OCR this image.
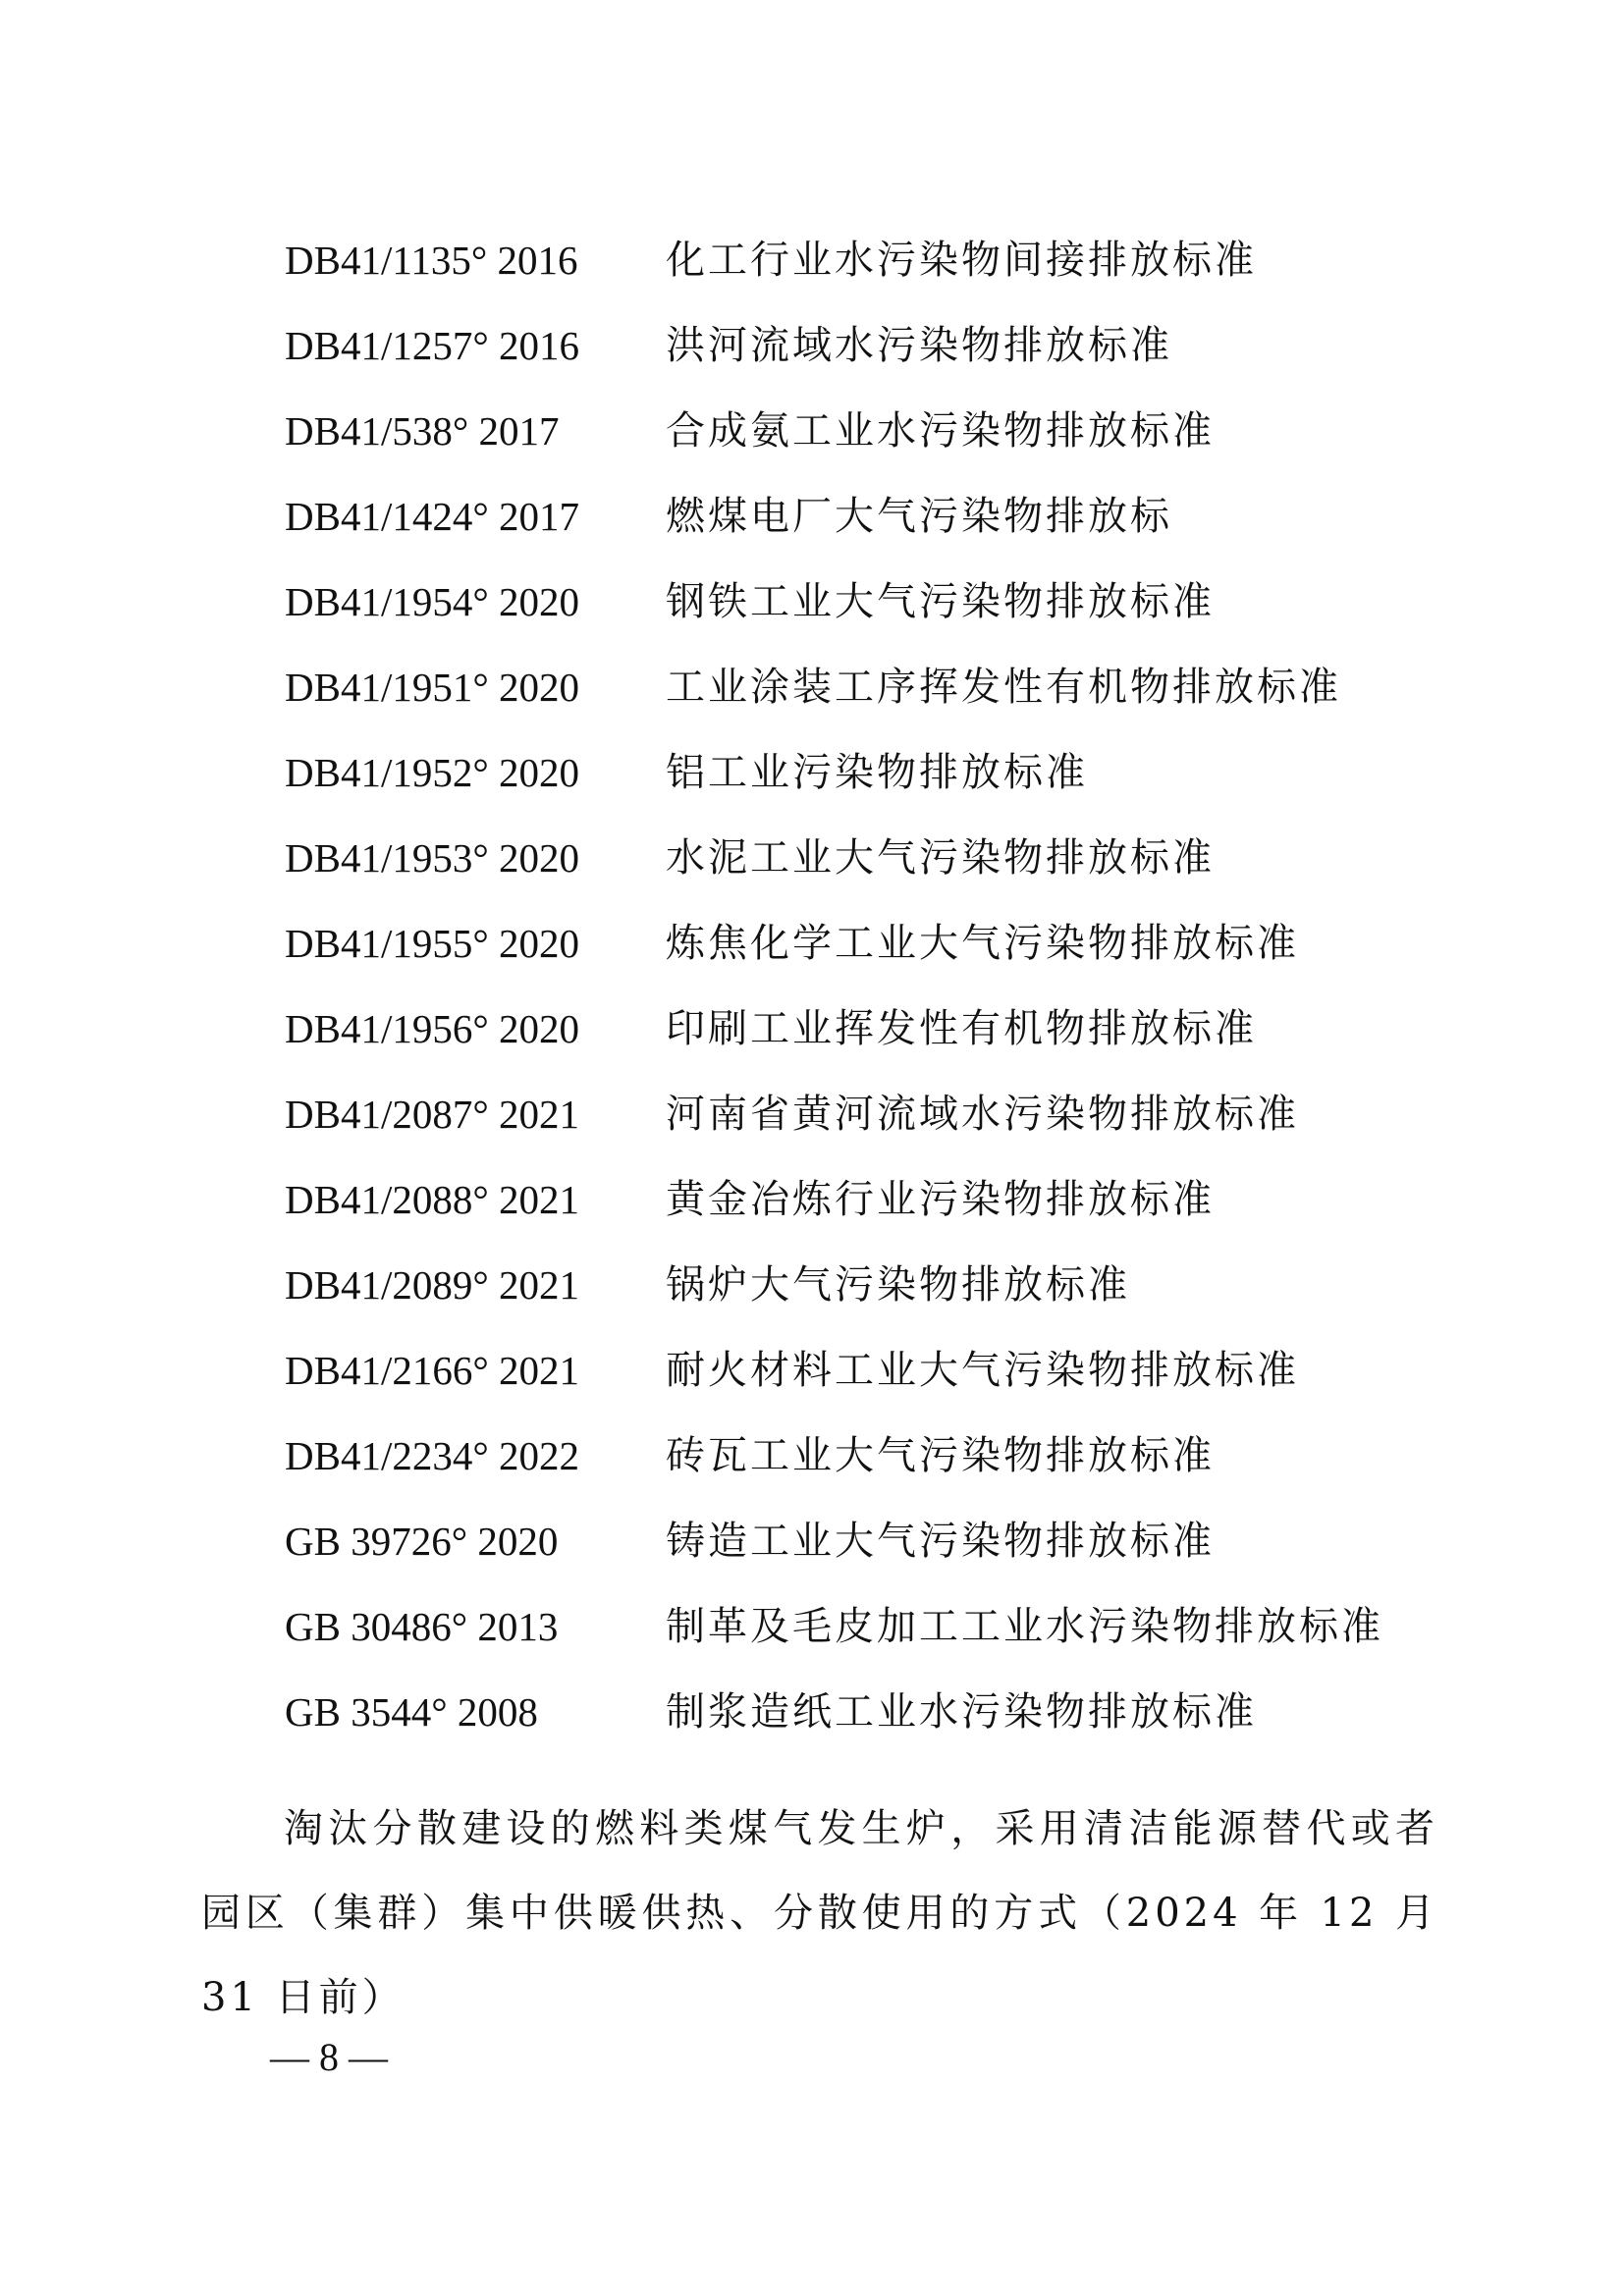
DB41/1135° 2016 化工行业水污染物间接排放标准
DB41/1257° 2016 洪河流域水污染物排放标准
DB41/538° 2017	合成氨工业水污染物排放标准
DB41/1424° 2017 燃煤电厂大气污染物排放标
DB41/1954° 2020 钢铁工业大气污染物排放标准
DB41/1951° 2020 工业涂装工序挥发性有机物排放标准
DB41/1952° 2020 铝工业污染物排放标准
DB41/1953° 2020 水泥工业大气污染物排放标准
DB41/1955° 2020 炼焦化学工业大气污染物排放标准
DB41/1956° 2020 印刷工业挥发性有机物排放标准
DB41/2087° 2021 河南省黄河流域水污染物排放标准
DB41/2088° 2021 黄金冶炼行业污染物排放标准
DB41/2089° 2021 锅炉大气污染物排放标准
DB41/2166° 2021 耐火材料工业大气污染物排放标准
DB41/2234° 2022 砖瓦工业大气污染物排放标准
GB 39726° 2020	铸造工业大气污染物排放标准
GB 30486° 2013	制革及毛皮加工工业水污染物排放标准
GB 3544° 2008	制浆造纸工业水污染物排放标准

淘汰分散建设的燃料类煤气发生炉，采用清洁能源替代或者园区（集群）集中供暖供热、分散使用的方式（2024 年 12 月 31 日前）

— 8 —
